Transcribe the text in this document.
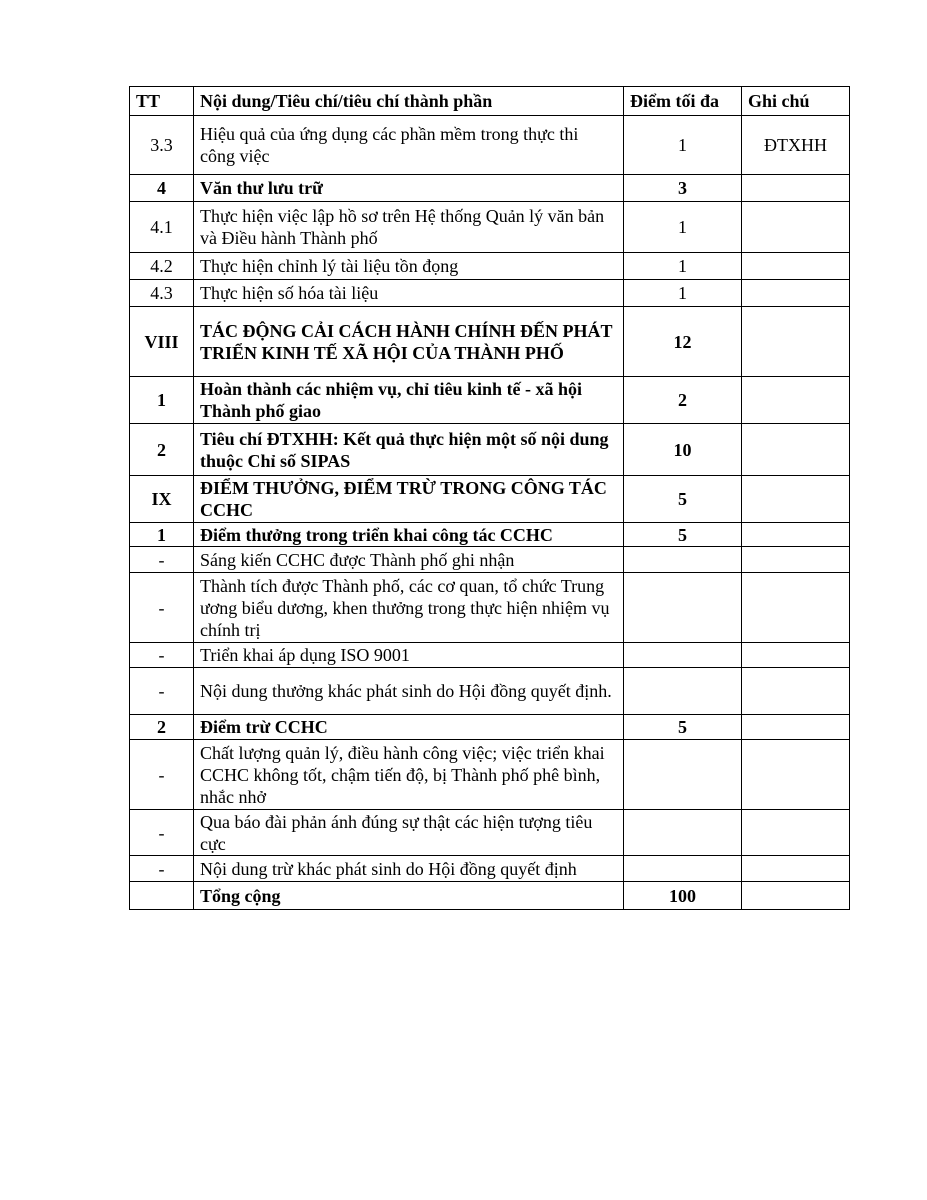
TT	Nội dung/Tiêu chí/tiêu chí thành phần	Điểm tối đa	Ghi chú
3.3	Hiệu quả của ứng dụng các phần mềm trong thực thi công việc	1	ĐTXHH
4	Văn thư lưu trữ	3	
4.1	Thực hiện việc lập hồ sơ trên Hệ thống Quản lý văn bản và Điều hành Thành phố	1	
4.2	Thực hiện chỉnh lý tài liệu tồn đọng	1	
4.3	Thực hiện số hóa tài liệu	1	
VIII	TÁC ĐỘNG CẢI CÁCH HÀNH CHÍNH ĐẾN PHÁT TRIỂN KINH TẾ XÃ HỘI CỦA THÀNH PHỐ	12	
1	Hoàn thành các nhiệm vụ, chỉ tiêu kinh tế - xã hội Thành phố giao	2	
2	Tiêu chí ĐTXHH: Kết quả thực hiện một số nội dung thuộc Chỉ số SIPAS	10	
IX	ĐIỂM THƯỞNG, ĐIỂM TRỪ TRONG CÔNG TÁC CCHC	5	
1	Điểm thưởng trong triển khai công tác CCHC	5	
-	Sáng kiến CCHC được Thành phố ghi nhận		
-	Thành tích được Thành phố, các cơ quan, tổ chức Trung ương biểu dương, khen thưởng trong thực hiện nhiệm vụ chính trị		
-	Triển khai áp dụng ISO 9001		
-	Nội dung thưởng khác phát sinh do Hội đồng quyết định.		
2	Điểm trừ CCHC	5	
-	Chất lượng quản lý, điều hành công việc; việc triển khai CCHC không tốt, chậm tiến độ, bị Thành phố phê bình, nhắc nhở		
-	Qua báo đài phản ánh đúng sự thật các hiện tượng tiêu cực		
-	Nội dung trừ khác phát sinh do Hội đồng quyết định		
	Tổng cộng	100	
